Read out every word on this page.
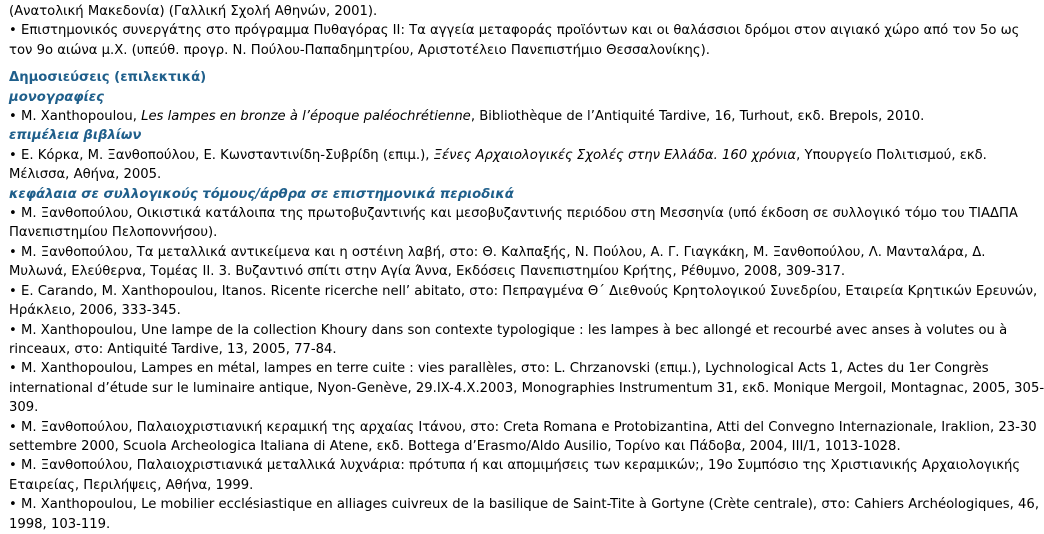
(Ανατολική Μακεδονία) (Γαλλική Σχολή Αθηνών, 2001).
• Επιστημονικός συνεργάτης στο πρόγραμμα Πυθαγόρας ΙΙ: Τα αγγεία μεταφοράς προϊόντων και οι θαλάσσιοι δρόμοι στον αιγιακό χώρο από τον 5ο ως
τον 9ο αιώνα μ.Χ. (υπεύθ. προγρ. Ν. Πούλου-Παπαδημητρίου, Αριστοτέλειο Πανεπιστήμιο Θεσσαλονίκης).
Δημοσιεύσεις (επιλεκτικά)
μονογραφίες
• M. Xanthopoulou, Les lampes en bronze à l’époque paléochrétienne, Bibliothèque de l’Antiquité Tardive, 16, Turhout, εκδ. Brepols, 2010.
επιμέλεια βιβλίων
• Ε. Κόρκα, Μ. Ξανθοπούλου, Ε. Κωνσταντινίδη-Συβρίδη (επιμ.), Ξένες Αρχαιολογικές Σχολές στην Ελλάδα. 160 χρόνια, Υπουργείο Πολιτισμού, εκδ.
Μέλισσα, Αθήνα, 2005.
κεφάλαια σε συλλογικούς τόμους/άρθρα σε επιστημονικά περιοδικά
• Μ. Ξανθοπούλου, Οικιστικά κατάλοιπα της πρωτοβυζαντινής και μεσοβυζαντινής περιόδου στη Μεσσηνία (υπό έκδοση σε συλλογικό τόμο του ΤΙΑΔΠΑ
Πανεπιστημίου Πελοποννήσου).
• Μ. Ξανθοπούλου, Τα μεταλλικά αντικείμενα και η οστέινη λαβή, στο: Θ. Καλπαξής, Ν. Πούλου, Α. Γ. Γιαγκάκη, Μ. Ξανθοπούλου, Λ. Μανταλάρα, Δ.
Μυλωνά, Ελεύθερνα, Τομέας ΙΙ. 3. Βυζαντινό σπίτι στην Αγία Άννα, Εκδόσεις Πανεπιστημίου Κρήτης, Ρέθυμνο, 2008, 309-317.
• E. Carando, M. Xanthopoulou, Itanos. Ricente ricerche nell’ abitato, στο: Πεπραγμένα Θ΄ Διεθνούς Κρητολογικού Συνεδρίου, Εταιρεία Κρητικών Ερευνών,
Ηράκλειο, 2006, 333-345.
• M. Xanthopoulou, Une lampe de la collection Khoury dans son contexte typologique : les lampes à bec allongé et recourbé avec anses à volutes ou à
rinceaux, στο: Antiquité Tardive, 13, 2005, 77-84.
• M. Xanthopoulou, Lampes en métal, lampes en terre cuite : vies parallèles, στο: L. Chrzanovski (επιμ.), Lychnological Acts 1, Actes du 1er Congrès
international d’étude sur le luminaire antique, Nyon-Genève, 29.IX-4.X.2003, Monographies Instrumentum 31, εκδ. Monique Mergoil, Montagnac, 2005, 305-
309.
• Μ. Ξανθοπούλου, Παλαιοχριστιανική κεραμική της αρχαίας Ιτάνου, στο: Creta Romana e Protobizantina, Atti del Convegno Internazionale, Iraklion, 23-30
settembre 2000, Scuola Archeologica Italiana di Atene, εκδ. Bottega d’Erasmo/Aldo Ausilio, Τορίνο και Πάδοβα, 2004, III/1, 1013-1028.
• Μ. Ξανθοπούλου, Παλαιοχριστιανικά μεταλλικά λυχνάρια: πρότυπα ή και απομιμήσεις των κεραμικών;, 19ο Συμπόσιο της Χριστιανικής Αρχαιολογικής
Εταιρείας, Περιλήψεις, Αθήνα, 1999.
• M. Xanthopoulou, Le mobilier ecclésiastique en alliages cuivreux de la basilique de Saint-Tite à Gortyne (Crète centrale), στο: Cahiers Archéologiques, 46,
1998, 103-119.
